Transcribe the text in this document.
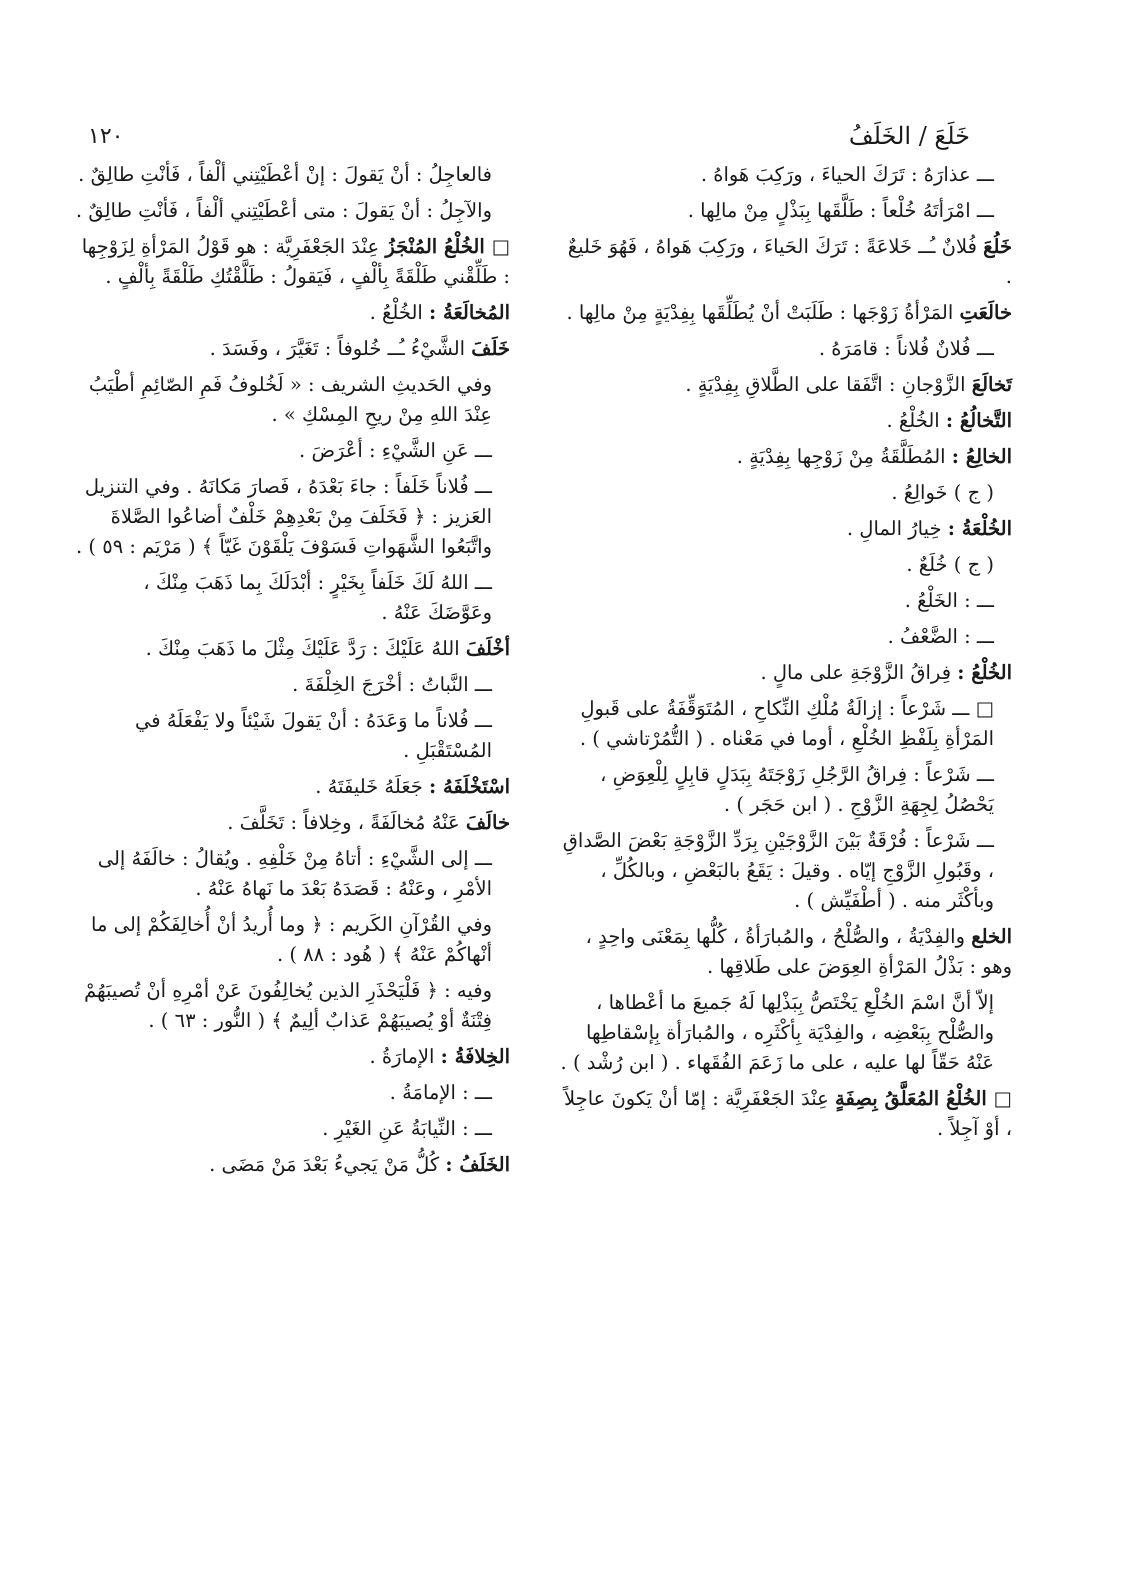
١٢٠	خَلَعَ / الخَلَفُ
ـــ عذارَهُ : تَرَكَ الحياءَ ، ورَكِبَ هَواهُ .
ـــ امْرَأتَهُ خُلْعاً : طَلَّقَها بِبَذْلٍ مِنْ مالِها .
خَلُعَ فُلانٌ ـُــ خَلاعَةً : تَرَكَ الحَياءَ ، ورَكِبَ هَواهُ ، فَهُوَ خَليعٌ .
خالَعَتِ المَرْأةُ زَوْجَها : طَلَبَتْ أنْ يُطَلِّقَها بِفِدْيَةٍ مِنْ مالِها .
ـــ فُلانٌ فُلاناً : قامَرَهُ .
تَخالَعَ الزَّوْجانِ : اتَّفَقا على الطَّلاقِ بِفِدْيَةٍ .
التَّخالُعُ : الخُلْعُ .
الخالِعُ : المُطَلَّقَةُ مِنْ زَوْجِها بِفِدْيَةٍ .
( ج ) خَوالِعُ .
الخُلْعَةُ : خِيارُ المالِ .
( ج ) خُلَعٌ .
ـــ : الخَلْعُ .
ـــ : الضَّعْفُ .
الخُلْعُ : فِراقُ الزَّوْجَةِ على مالٍ .
□ ـــ شَرْعاً : إزالَةُ مُلْكِ النِّكاحِ ، المُتَوَقِّفَةُ على قَبولِ المَرْأةِ بِلَفْظِ الخُلْعِ ، أوما في مَعْناه . ( التُّمُرْتاشي ) .
ـــ شَرْعاً : فِراقُ الرَّجُلِ زَوْجَتَهُ بِبَدَلٍ قابِلٍ لِلْعِوَضِ ، يَحْصُلُ لِجِهَةِ الزَّوْجِ . ( ابن حَجَر ) .
ـــ شَرْعاً : فُرْقَةٌ بَيْنَ الزَّوْجَيْنِ بِرَدِّ الزَّوْجَةِ بَعْضَ الصَّداقِ ، وقَبُولِ الزَّوْجِ إيّاه . وقيلَ : يَقَعُ بالبَعْضِ ، وبالكُلِّ ، وبأكْثَر منه . ( أطْفَيِّش ) .
الخلع والفِدْيَةُ ، والصُّلْحُ ، والمُبارَأةُ ، كُلُّها بِمَعْنَى واحِدٍ ، وهو : بَذْلُ المَرْأةِ العِوَضَ على طَلاقِها .
إلاّ أنَّ اسْمَ الخُلْعِ يَخْتَصُّ بِبَذْلِها لَهُ جَميعَ ما أعْطاها ، والصُّلْح بِبَعْضِه ، والفِدْيَة بِأكْثَرِه ، والمُبارَأة بِإسْقاطِها عَنْهُ حَقّاً لها عليه ، على ما زَعَمَ الفُقَهاء . ( ابن رُشْد ) .
□ الخُلْعُ المُعَلَّقُ بِصِفَةٍ عِنْدَ الجَعْفَرِيَّة : إمّا أنْ يَكونَ عاجِلاً ، أوْ آجِلاً .
فالعاجِلُ : أنْ يَقولَ : إنْ أعْطَيْتِني ألْفاً ، فَأنْتِ طالِقٌ .
والآجِلُ : أنْ يَقولَ : متى أعْطَيْتِني ألْفاً ، فَأنْتِ طالِقٌ .
□ الخُلْعُ المُنْجَزُ عِنْدَ الجَعْفَرِيَّة : هو قَوْلُ المَرْأةِ لِزَوْجِها : طَلِّقْني طَلْقَةً بِألْفٍ ، فَيَقولُ : طَلَّقْتُكِ طَلْقَةً بِألْفٍ .
المُخالَعَةُ : الخُلْعُ .
خَلَفَ الشَّيْءُ ـُــ خُلوفاً : تَغَيَّرَ ، وفَسَدَ .
وفي الحَديثِ الشريف : « لَخُلوفُ فَمِ الصّائِمِ أطْيَبُ عِنْدَ اللهِ مِنْ ريحِ المِسْكِ » .
ـــ عَنِ الشَّيْءِ : أعْرَضَ .
ـــ فُلاناً خَلَفاً : جاءَ بَعْدَهُ ، فَصارَ مَكانَهُ . وفي التنزيل العَزيز : ﴿ فَخَلَفَ مِنْ بَعْدِهِمْ خَلْفٌ أضاعُوا الصَّلاةَ واتَّبَعُوا الشَّهَواتِ فَسَوْفَ يَلْقَوْنَ غَيّاً ﴾ ( مَرْيَم : ٥٩ ) .
ـــ اللهُ لَكَ خَلَفاً بِخَيْرٍ : أبْدَلَكَ بِما ذَهَبَ مِنْكَ ، وعَوَّضَكَ عَنْهُ .
أخْلَفَ اللهُ عَلَيْكَ : رَدَّ عَلَيْكَ مِثْلَ ما ذَهَبَ مِنْكَ .
ـــ النَّباتُ : أخْرَجَ الخِلْفَةَ .
ـــ فُلاناً ما وَعَدَهُ : أنْ يَقولَ شَيْئاً ولا يَفْعَلَهُ في المُسْتَقْبَلِ .
اسْتَخْلَفَهُ : جَعَلَهُ خَليفَتَهُ .
خالَفَ عَنْهُ مُخالَفَةً ، وخِلافاً : تَخَلَّفَ .
ـــ إلى الشَّيْءِ : أتاهُ مِنْ خَلْفِهِ . ويُقالُ : خالَفَهُ إلى الأمْرِ ، وعَنْهُ : قَصَدَهُ بَعْدَ ما نَهاهُ عَنْهُ .
وفي القُرْآنِ الكَريم : ﴿ وما أُريدُ أنْ أُخالِفَكُمْ إلى ما أنْهاكُمْ عَنْهُ ﴾ ( هُود : ٨٨ ) .
وفيه : ﴿ فَلْيَحْذَرِ الذين يُخالِفُونَ عَنْ أمْرِهِ أنْ تُصيبَهُمْ فِتْنَةٌ أوْ يُصيبَهُمْ عَذابٌ ألِيمٌ ﴾ ( النُّور : ٦٣ ) .
الخِلافَةُ : الإمارَةُ .
ـــ : الإمامَةُ .
ـــ : النِّيابَةُ عَنِ الغَيْرِ .
الخَلَفُ : كُلُّ مَنْ يَجيءُ بَعْدَ مَنْ مَضَى .
